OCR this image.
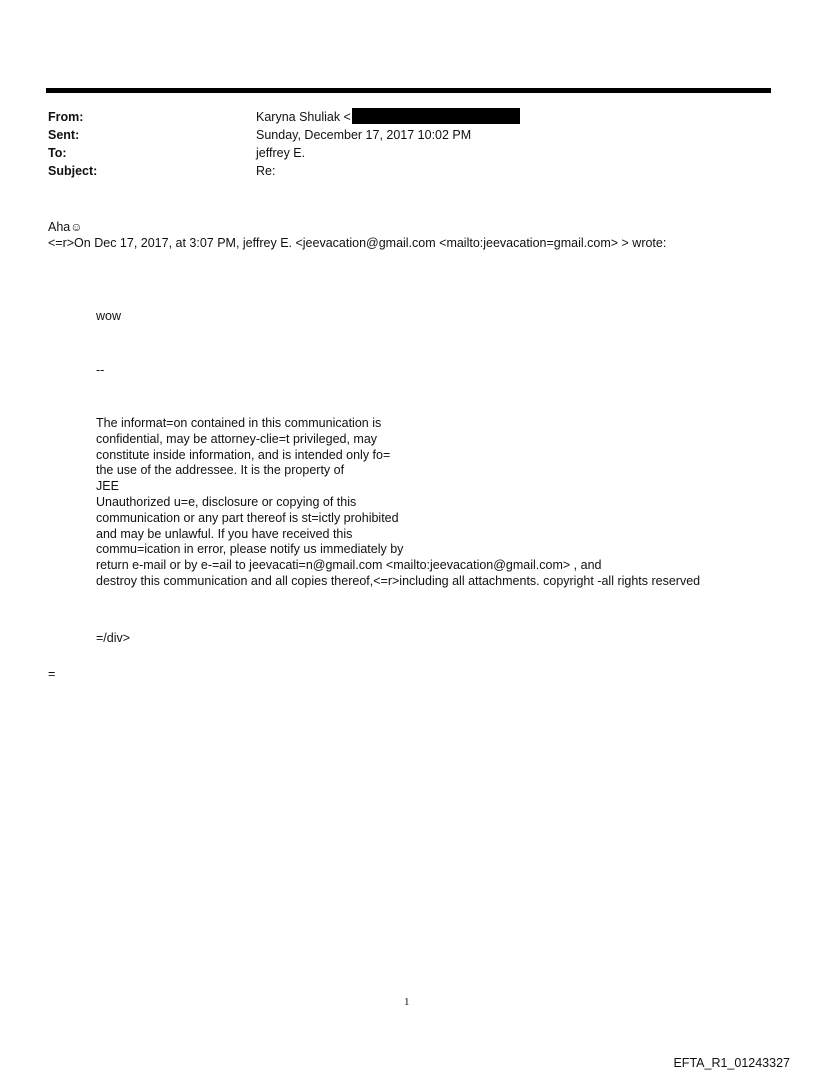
From:	Karyna Shuliak <
Sent:	Sunday, December 17, 2017 10:02 PM
To:	jeffrey E.
Subject:	Re:
Aha☺
<=r>On Dec 17, 2017, at 3:07 PM, jeffrey E. <jeevacation@gmail.com <mailto:jeevacation=gmail.com> > wrote:
wow
--
The informat=on contained in this communication is
confidential, may be attorney-clie=t privileged, may
constitute inside information, and is intended only fo=
the use of the addressee. It is the property of
JEE
Unauthorized u=e, disclosure or copying of this
communication or any part thereof is st=ictly prohibited
and may be unlawful. If you have received this
commu=ication in error, please notify us immediately by
return e-mail or by e-=ail to jeevacati=n@gmail.com <mailto:jeevacation@gmail.com> , and
destroy this communication and all copies thereof,<=r>including all attachments. copyright -all rights reserved
=/div>
=
1
EFTA_R1_01243327
